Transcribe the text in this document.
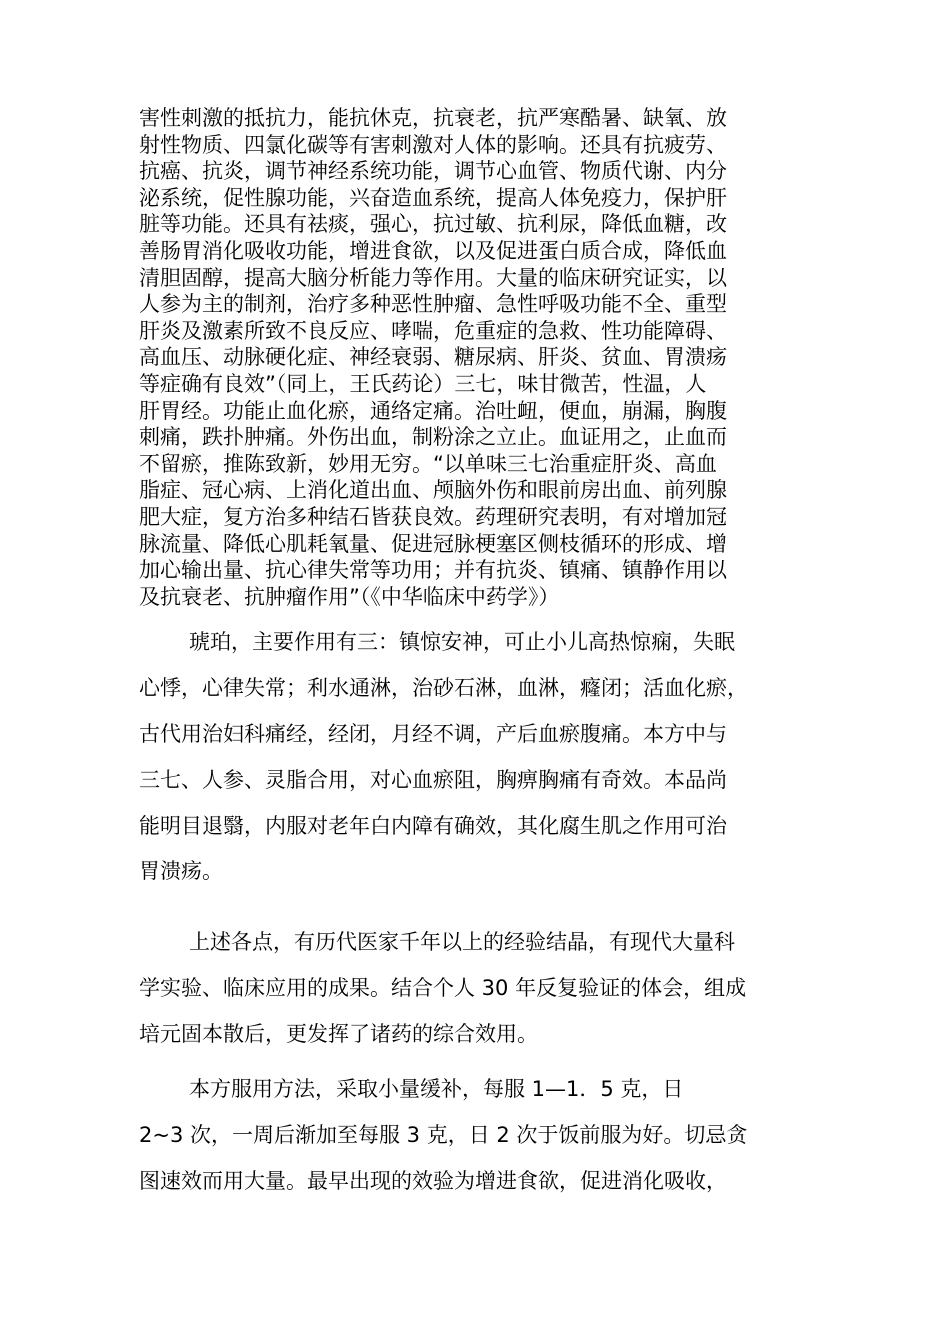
害性刺激的抵抗力，能抗休克，抗衰老，抗严寒酷暑、缺氧、放
射性物质、四氯化碳等有害刺激对人体的影响。还具有抗疲劳、
抗癌、抗炎，调节神经系统功能，调节心血管、物质代谢、内分
泌系统，促性腺功能，兴奋造血系统，提高人体免疫力，保护肝
脏等功能。还具有祛痰，强心，抗过敏、抗利尿，降低血糖，改
善肠胃消化吸收功能，增进食欲，以及促进蛋白质合成，降低血
清胆固醇，提高大脑分析能力等作用。大量的临床研究证实，以
人参为主的制剂，治疗多种恶性肿瘤、急性呼吸功能不全、重型
肝炎及激素所致不良反应、哮喘，危重症的急救、性功能障碍、
高血压、动脉硬化症、神经衰弱、糖尿病、肝炎、贫血、胃溃疡
等症确有良效”（同上，王氏药论）三七，味甘微苦，性温，人
肝胃经。功能止血化瘀，通络定痛。治吐衄，便血，崩漏，胸腹
刺痛，跌扑肿痛。外伤出血，制粉涂之立止。血证用之，止血而
不留瘀，推陈致新，妙用无穷。“以单味三七治重症肝炎、高血
脂症、冠心病、上消化道出血、颅脑外伤和眼前房出血、前列腺
肥大症，复方治多种结石皆获良效。药理研究表明，有对增加冠
脉流量、降低心肌耗氧量、促进冠脉梗塞区侧枝循环的形成、增
加心输出量、抗心律失常等功用；并有抗炎、镇痛、镇静作用以
及抗衰老、抗肿瘤作用”（《中华临床中药学》）
琥珀，主要作用有三：镇惊安神，可止小儿高热惊痫，失眠
心悸，心律失常；利水通淋，治砂石淋，血淋，癃闭；活血化瘀，
古代用治妇科痛经，经闭，月经不调，产后血瘀腹痛。本方中与
三七、人参、灵脂合用，对心血瘀阻，胸痹胸痛有奇效。本品尚
能明目退翳，内服对老年白内障有确效，其化腐生肌之作用可治
胃溃疡。
上述各点，有历代医家千年以上的经验结晶，有现代大量科
学实验、临床应用的成果。结合个人 30 年反复验证的体会，组成
培元固本散后，更发挥了诸药的综合效用。
本方服用方法，采取小量缓补，每服 1—1．5 克，日
2~3 次，一周后渐加至每服 3 克，日 2 次于饭前服为好。切忌贪
图速效而用大量。最早出现的效验为增进食欲，促进消化吸收，
